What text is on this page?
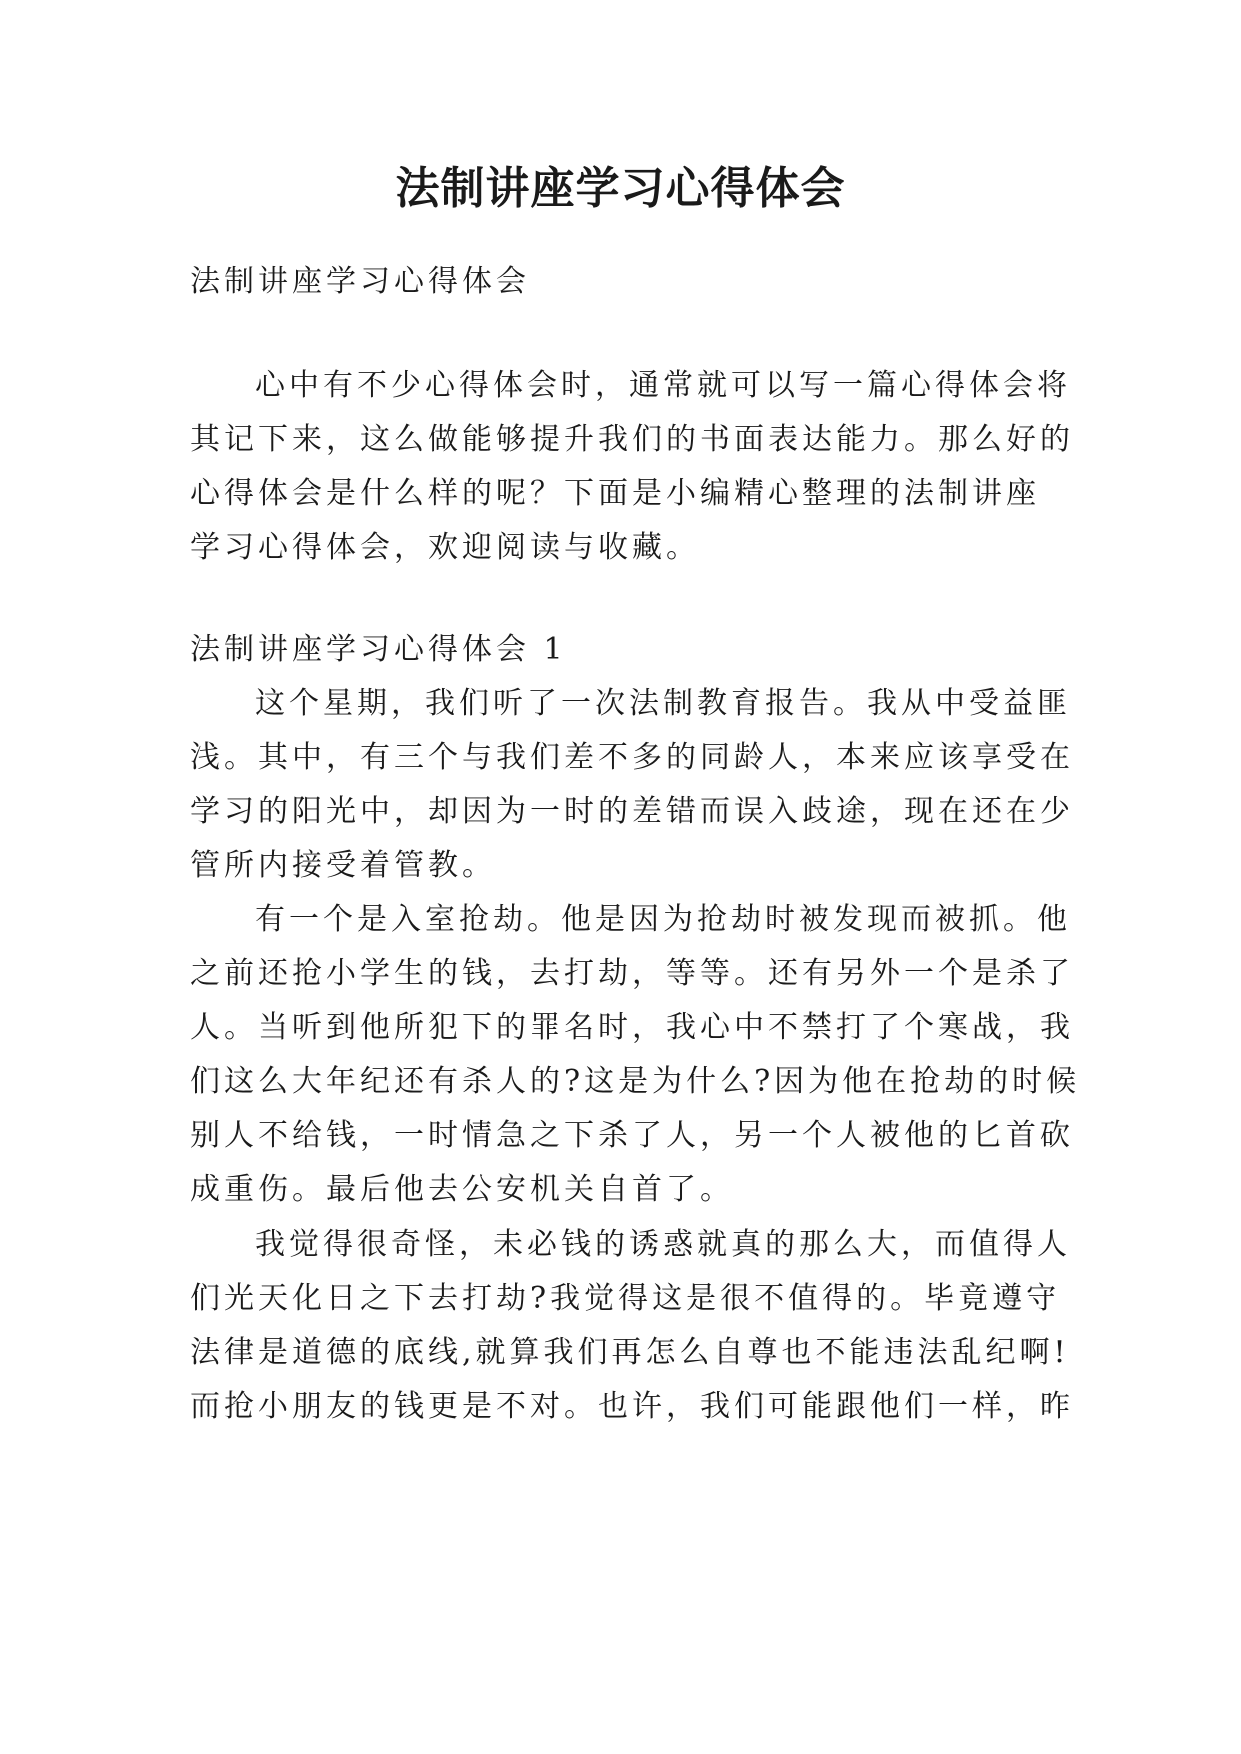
法制讲座学习心得体会
法制讲座学习心得体会
心中有不少心得体会时，通常就可以写一篇心得体会将
其记下来，这么做能够提升我们的书面表达能力。那么好的
心得体会是什么样的呢？下面是小编精心整理的法制讲座
学习心得体会，欢迎阅读与收藏。
法制讲座学习心得体会 1
这个星期，我们听了一次法制教育报告。我从中受益匪
浅。其中，有三个与我们差不多的同龄人，本来应该享受在
学习的阳光中，却因为一时的差错而误入歧途，现在还在少
管所内接受着管教。
有一个是入室抢劫。他是因为抢劫时被发现而被抓。他
之前还抢小学生的钱，去打劫，等等。还有另外一个是杀了
人。当听到他所犯下的罪名时，我心中不禁打了个寒战，我
们这么大年纪还有杀人的?这是为什么?因为他在抢劫的时候
别人不给钱，一时情急之下杀了人，另一个人被他的匕首砍
成重伤。最后他去公安机关自首了。
我觉得很奇怪，未必钱的诱惑就真的那么大，而值得人
们光天化日之下去打劫?我觉得这是很不值得的。毕竟遵守
法律是道德的底线,就算我们再怎么自尊也不能违法乱纪啊!
而抢小朋友的钱更是不对。也许，我们可能跟他们一样，昨
